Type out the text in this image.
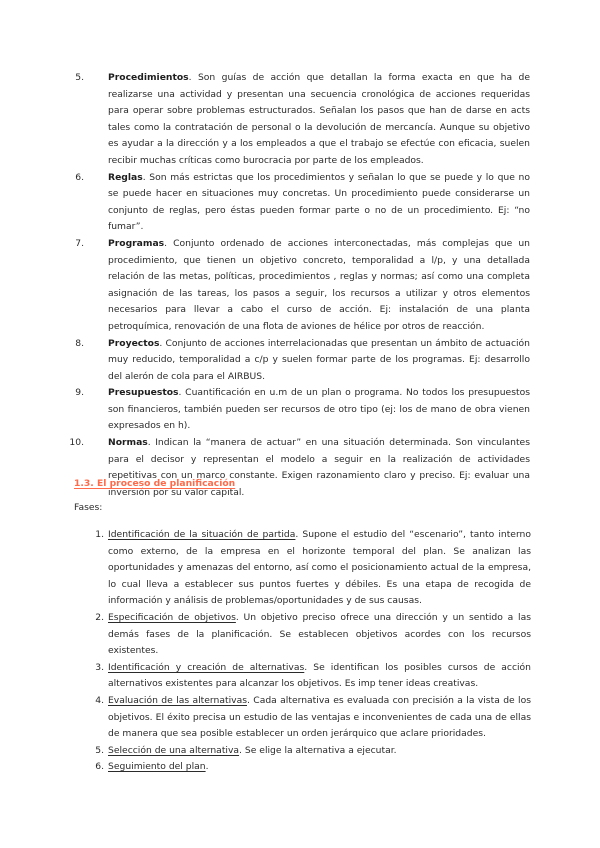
5.	Procedimientos. Son guías de acción que detallan la forma exacta en que ha de realizarse una actividad y presentan una secuencia cronológica de acciones requeridas para operar sobre problemas estructurados. Señalan los pasos que han de darse en acts tales como la contratación de personal o la devolución de mercancía. Aunque su objetivo es ayudar a la dirección y a los empleados a que el trabajo se efectúe con eficacia, suelen recibir muchas críticas como burocracia por parte de los empleados.
6.	Reglas. Son más estrictas que los procedimientos y señalan lo que se puede y lo que no se puede hacer en situaciones muy concretas. Un procedimiento puede considerarse un conjunto de reglas, pero éstas pueden formar parte o no de un procedimiento. Ej: “no fumar”.
7.	Programas. Conjunto ordenado de acciones interconectadas, más complejas que un procedimiento, que tienen un objetivo concreto, temporalidad a l/p, y una detallada relación de las metas, políticas, procedimientos , reglas y normas; así como una completa asignación de las tareas, los pasos a seguir, los recursos a utilizar y otros elementos necesarios para llevar a cabo el curso de acción. Ej: instalación de una planta petroquímica, renovación de una flota de aviones de hélice por otros de reacción.
8.	Proyectos. Conjunto de acciones interrelacionadas que presentan un ámbito de actuación muy reducido, temporalidad a c/p y suelen formar parte de los programas. Ej: desarrollo del alerón de cola para el AIRBUS.
9.	Presupuestos. Cuantificación en u.m de un plan o programa. No todos los presupuestos son financieros, también pueden ser recursos de otro tipo (ej: los de mano de obra vienen expresados en h).
10.	Normas. Indican la “manera de actuar” en una situación determinada. Son vinculantes para el decisor y representan el modelo a seguir en la realización de actividades repetitivas con un marco constante. Exigen razonamiento claro y preciso. Ej: evaluar una inversión por su valor capital.
1.3. El proceso de planificación
Fases:
1. Identificación de la situación de partida. Supone el estudio del “escenario”, tanto interno como externo, de la empresa en el horizonte temporal del plan. Se analizan las oportunidades y amenazas del entorno, así como el posicionamiento actual de la empresa, lo cual lleva a establecer sus puntos fuertes y débiles. Es una etapa de recogida de información y análisis de problemas/oportunidades y de sus causas.
2. Especificación de objetivos. Un objetivo preciso ofrece una dirección y un sentido a las demás fases de la planificación. Se establecen objetivos acordes con los recursos existentes.
3. Identificación y creación de alternativas. Se identifican los posibles cursos de acción alternativos existentes para alcanzar los objetivos. Es imp tener ideas creativas.
4. Evaluación de las alternativas. Cada alternativa es evaluada con precisión a la vista de los objetivos. El éxito precisa un estudio de las ventajas e inconvenientes de cada una de ellas de manera que sea posible establecer un orden jerárquico que aclare prioridades.
5. Selección de una alternativa. Se elige la alternativa a ejecutar.
6. Seguimiento del plan.
